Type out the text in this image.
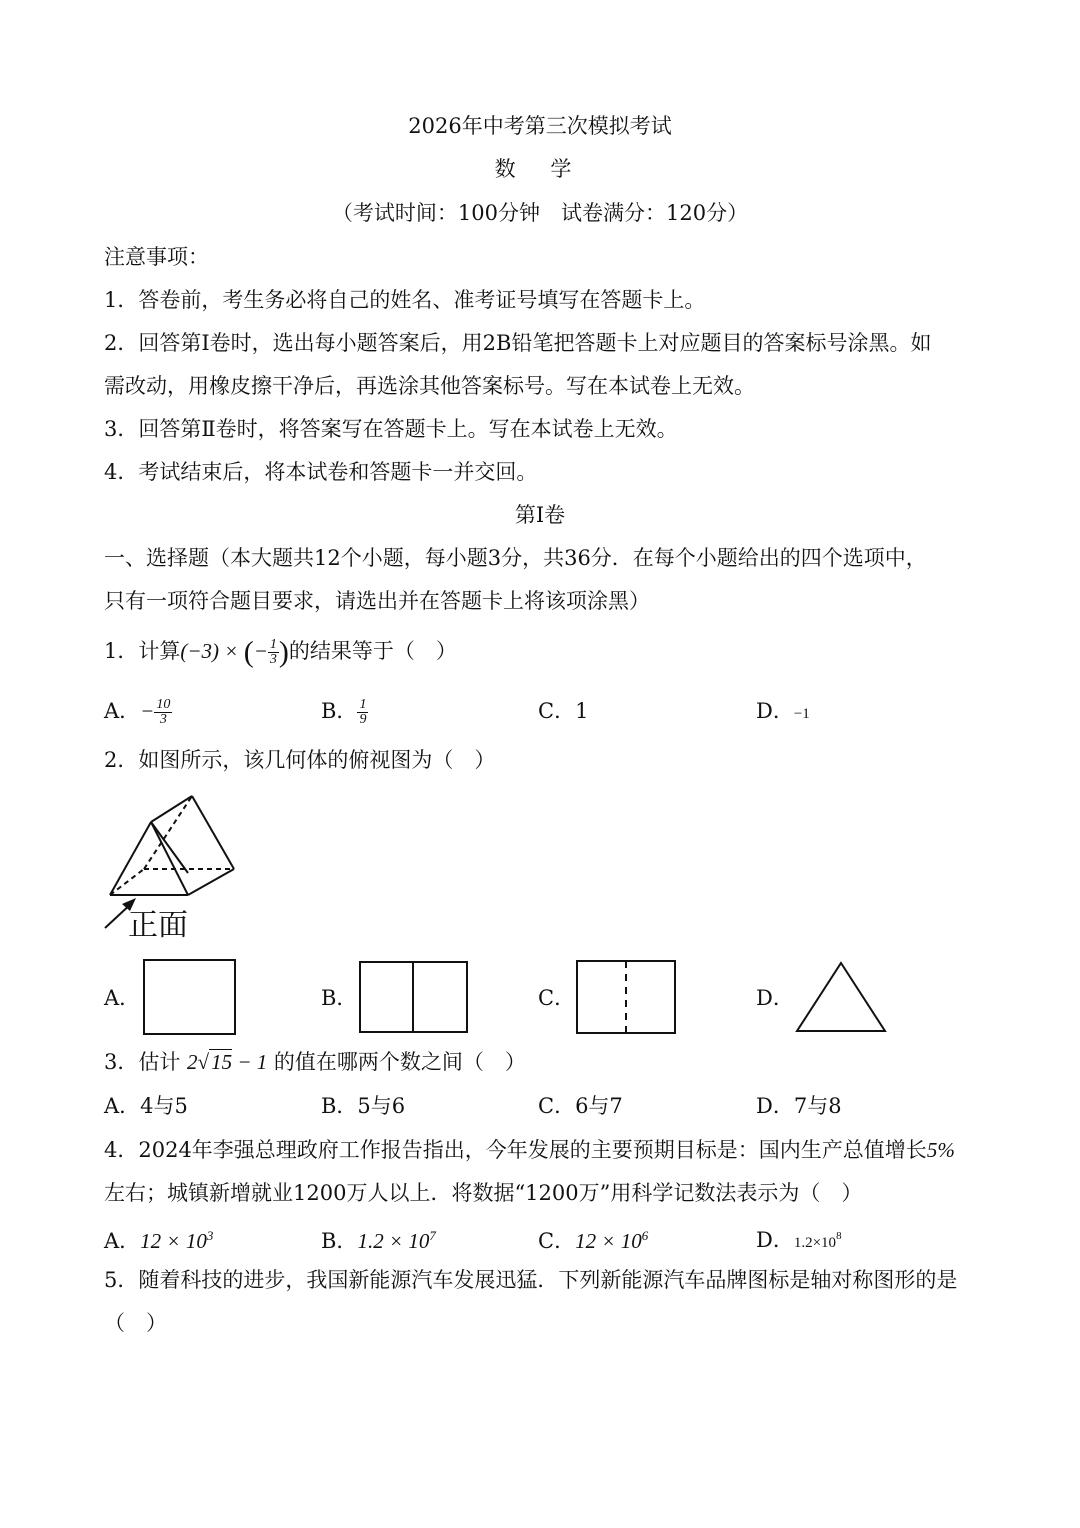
2026年中考第三次模拟考试
数 学
（考试时间：100分钟　试卷满分：120分）
注意事项：
1．答卷前，考生务必将自己的姓名、准考证号填写在答题卡上。
2．回答第Ⅰ卷时，选出每小题答案后，用2B铅笔把答题卡上对应题目的答案标号涂黑。如
需改动，用橡皮擦干净后，再选涂其他答案标号。写在本试卷上无效。
3．回答第Ⅱ卷时，将答案写在答题卡上。写在本试卷上无效。
4．考试结束后，将本试卷和答题卡一并交回。
第Ⅰ卷
一、选择题（本大题共12个小题，每小题3分，共36分．在每个小题给出的四个选项中，
只有一项符合题目要求，请选出并在答题卡上将该项涂黑）
1．计算(−3) × (− $\frac{1}{3}$ )的结果等于（　）
A．− $\frac{10}{3}$	B． $\frac{1}{9}$	C．1	D．−1
2．如图所示，该几何体的俯视图为（　）
正面
A．	B．	C．	D．
3．估计 2√15 − 1 的值在哪两个数之间（　）
A．4与5	B．5与6	C．6与7	D．7与8
4．2024年李强总理政府工作报告指出，今年发展的主要预期目标是：国内生产总值增长5%
左右；城镇新增就业1200万人以上．将数据“1200万”用科学记数法表示为（　）
A．$12 \times 10^3$	B．$1.2 \times 10^7$	C．$12 \times 10^6$	D．$1.2\times 10^8$
5．随着科技的进步，我国新能源汽车发展迅猛．下列新能源汽车品牌图标是轴对称图形的是
（　）
